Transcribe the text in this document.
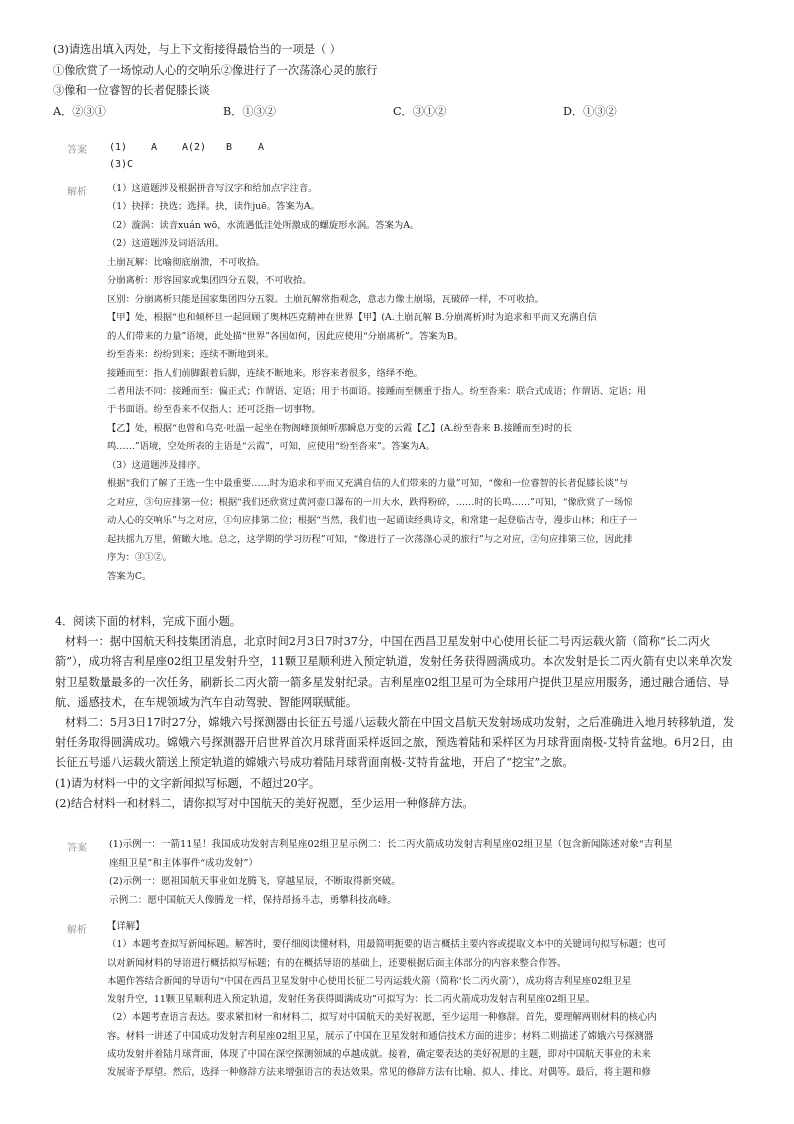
(3)请选出填入丙处，与上下文衔接得最恰当的一项是（ ）
①像欣赏了一场惊动人心的交响乐②像进行了一次荡涤心灵的旅行
③像和一位睿智的长者促膝长谈
A．②③①	B．①③②	C．③①②	D．①③②
答案 (1) A A(2) B	A
(3)C
解析 （1）这道题涉及根据拼音写汉字和给加点字注音。
（1）抉择：抉选；选择。抉，读作juē。答案为A。
（2）漩涡：读音xuán wō，水流遇低洼处所激成的螺旋形水涡。答案为A。
（2）这道题涉及词语活用。
土崩瓦解：比喻彻底崩溃，不可收拾。
分崩离析：形容国家或集团四分五裂，不可收拾。
区别：分崩离析只能是国家集团四分五裂。土崩瓦解常指观念，意志力像土崩塌，瓦破碎一样，不可收拾。
【甲】处，根据“也和倾杯旦一起回顾了奥林匹克精神在世界【甲】(A.土崩瓦解 B.分崩离析)时为追求和平而又充满自信
的人们带来的力量”语境，此处描“世界”各国如何，因此应使用“分崩离析”。答案为B。
纷至沓来：纷纷到来；连续不断地到来。
接踵而至：指人们前脚跟着后脚，连续不断地来。形容来者很多，络绎不绝。
二者用法不同：接踵而至：偏正式；作谓语、定语；用于书面语。接踵而至侧重于指人。纷至沓来：联合式成语；作谓语、定语；用
于书面语。纷至沓来不仅指人；还可泛指一切事物。
【乙】处，根据“也曾和乌克·吐温一起坐在物阁峰顶倾听那瞬息万变的云霞【乙】(A.纷至沓来 B.接踵而至)时的长
鸣……”语境，空处所表的主语是“云霞”，可知，应使用“纷至沓来”。答案为A。
（3）这道题涉及排序。
根据“我们了解了王选一生中最重要……时为追求和平而又充满自信的人们带来的力量”可知，“像和一位睿智的长者促膝长谈”与
之对应，③句应排第一位；根据“我们还欣赏过黄河壶口瀑布的一川大水，跌得粉碎，……时的长鸣……”可知，“像欣赏了一场惊
动人心的交响乐”与之对应，①句应排第二位；根据“当然，我们也一起诵读经典诗文，和常建一起登临古寺，漫步山林；和庄子一
起扶摇九万里，俯瞰大地。总之，这学期的学习历程”可知，“像进行了一次荡涤心灵的旅行”与之对应，②句应排第三位，因此排
序为：③①②。
答案为C。
4．阅读下面的材料，完成下面小题。
材料一：据中国航天科技集团消息，北京时间2月3日7时37分，中国在西昌卫星发射中心使用长征二号丙运载火箭（简称“长二丙火
箭”），成功将吉利星座02组卫星发射升空，11颗卫星顺利进入预定轨道，发射任务获得圆满成功。本次发射是长二丙火箭有史以来单次发
射卫星数量最多的一次任务，刷新长二丙火箭一箭多星发射纪录。吉利星座02组卫星可为全球用户提供卫星应用服务，通过融合通信、导
航、遥感技术，在车规领域为汽车自动驾驶、智能网联赋能。
材料二：5月3日17时27分，嫦娥六号探测器由长征五号遥八运载火箭在中国文昌航天发射场成功发射，之后准确进入地月转移轨道，发
射任务取得圆满成功。嫦娥六号探测器开启世界首次月球背面采样返回之旅，预选着陆和采样区为月球背面南极-艾特肯盆地。6月2日，由
长征五号遥八运载火箭送上预定轨道的嫦娥六号成功着陆月球背面南极-艾特肯盆地，开启了“挖宝”之旅。
(1)请为材料一中的文字新闻拟写标题，不超过20字。
(2)结合材料一和材料二，请你拟写对中国航天的美好祝愿，至少运用一种修辞方法。
答案 (1)示例一：一箭11星！我国成功发射吉利星座02组卫星示例二：长二丙火箭成功发射吉利星座02组卫星（包含新闻陈述对象“吉利星
座组卫星”和主体事件“成功发射”）
(2)示例一：愿祖国航天事业如龙腾飞，穿越星辰，不断取得新突破。
示例二：愿中国航天人像腾龙一样，保持昂扬斗志，勇攀科技高峰。
解析 【详解】
（1）本题考查拟写新闻标题。解答时，要仔细阅读懂材料，用最简明扼要的语言概括主要内容或提取文本中的关键词句拟写标题；也可
以对新闻材料的导语进行概括拟写标题；有的在概括导语的基础上，还要根据后面主体部分的内容来整合作答。
本题作答结合新闻的导语句“中国在西昌卫星发射中心使用长征二号丙运载火箭（简称‘长二丙火箭’），成功将吉利星座02组卫星
发射升空，11颗卫星顺利进入预定轨道，发射任务获得圆满成功”可拟写为：长二丙火箭成功发射吉利星座02组卫星。
（2）本题考查语言表达。要求紧扣材一和材料二，拟写对中国航天的美好祝愿，至少运用一种修辞。首先，要理解两则材料的核心内
容。材料一讲述了中国成功发射吉利星座02组卫星，展示了中国在卫星发射和通信技术方面的进步；材料二则描述了嫦娥六号探测器
成功发射并着陆月球背面，体现了中国在深空探测领域的卓越成就。接着，确定要表达的美好祝愿的主题，即对中国航天事业的未来
发展寄予厚望。然后，选择一种修辞方法来增强语言的表达效果。常见的修辞方法有比喻、拟人、排比、对偶等。最后，将主题和修
